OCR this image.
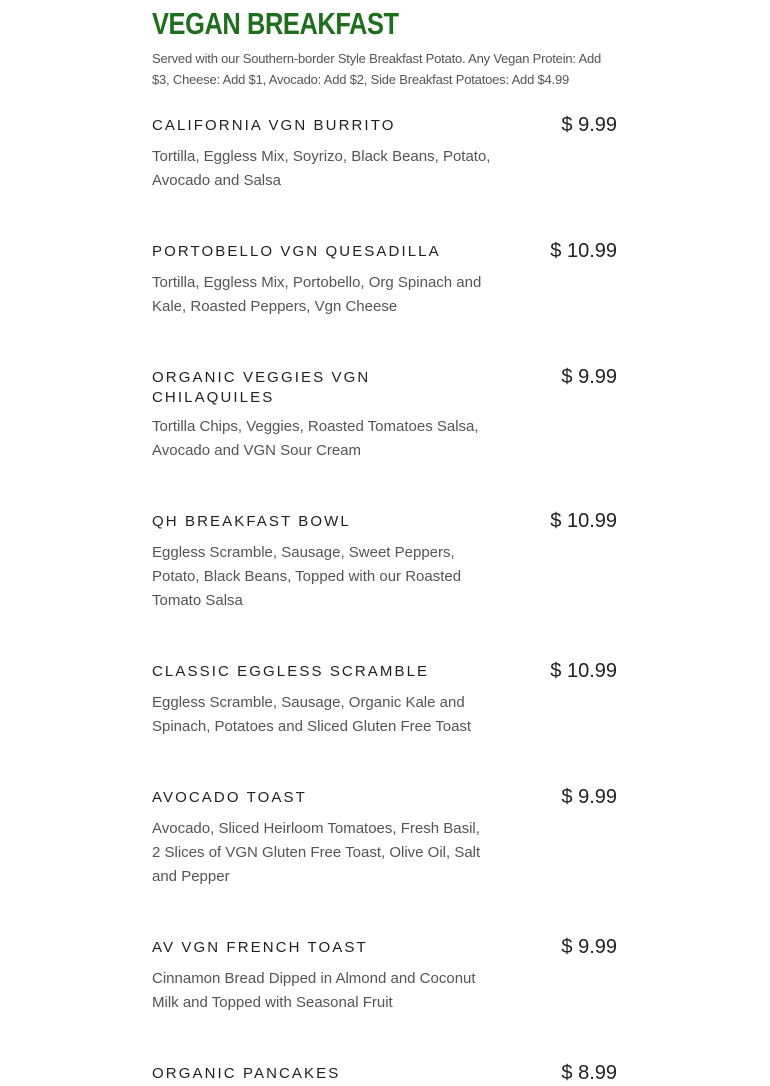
VEGAN BREAKFAST
Served with our Southern-border Style Breakfast Potato. Any Vegan Protein: Add $3, Cheese: Add $1, Avocado: Add $2, Side Breakfast Potatoes: Add $4.99
CALIFORNIA VGN BURRITO	$ 9.99
Tortilla, Eggless Mix, Soyrizo, Black Beans, Potato, Avocado and Salsa
PORTOBELLO VGN QUESADILLA	$ 10.99
Tortilla, Eggless Mix, Portobello, Org Spinach and Kale, Roasted Peppers, Vgn Cheese
ORGANIC VEGGIES VGN CHILAQUILES
$ 9.99
Tortilla Chips, Veggies, Roasted Tomatoes Salsa, Avocado and VGN Sour Cream
QH BREAKFAST BOWL	$ 10.99
Eggless Scramble, Sausage, Sweet Peppers, Potato, Black Beans, Topped with our Roasted Tomato Salsa
CLASSIC EGGLESS SCRAMBLE	$ 10.99
Eggless Scramble, Sausage, Organic Kale and Spinach, Potatoes and Sliced Gluten Free Toast
AVOCADO TOAST	$ 9.99
Avocado, Sliced Heirloom Tomatoes, Fresh Basil, 2 Slices of VGN Gluten Free Toast, Olive Oil, Salt and Pepper
AV VGN FRENCH TOAST	$ 9.99
Cinnamon Bread Dipped in Almond and Coconut Milk and Topped with Seasonal Fruit
ORGANIC PANCAKES	$ 8.99
